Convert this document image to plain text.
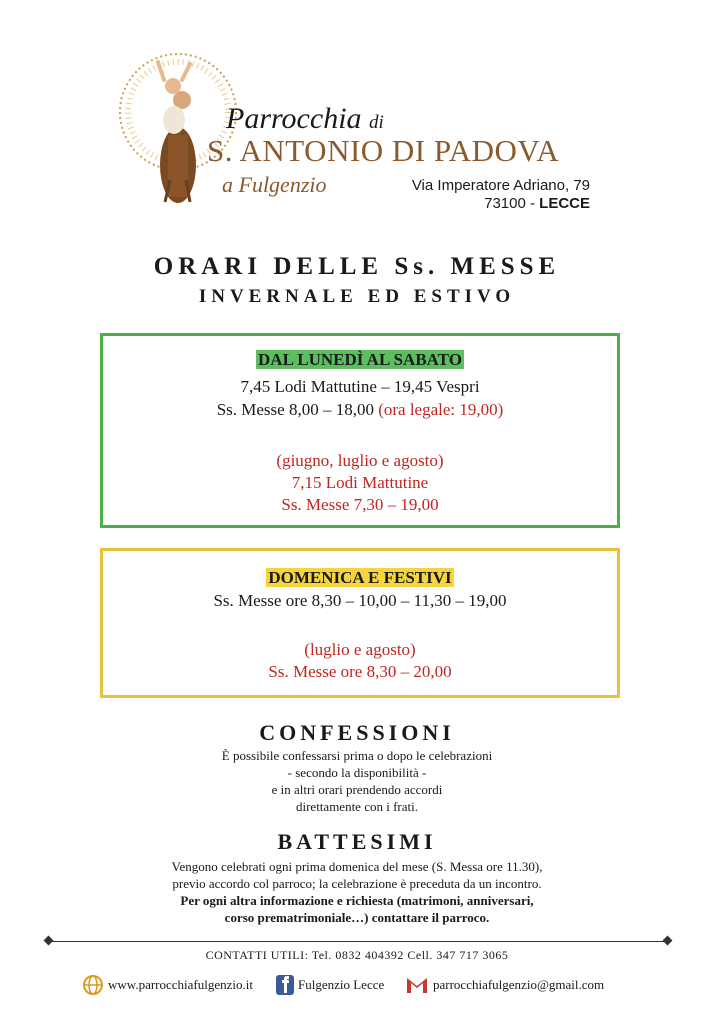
Parrocchia di
S. ANTONIO DI PADOVA
a Fulgenzio	Via Imperatore Adriano, 79
73100 - LECCE
ORARI DELLE Ss. MESSE
INVERNALE ED ESTIVO
DAL LUNEDÌ AL SABATO
7,45 Lodi Mattutine – 19,45 Vespri
Ss. Messe 8,00 – 18,00 (ora legale: 19,00)
(giugno, luglio e agosto)
7,15 Lodi Mattutine
Ss. Messe 7,30 – 19,00
DOMENICA E FESTIVI
Ss. Messe ore 8,30 – 10,00 – 11,30 – 19,00
(luglio e agosto)
Ss. Messe ore 8,30 – 20,00
CONFESSIONI
È possibile confessarsi prima o dopo le celebrazioni
- secondo la disponibilità -
e in altri orari prendendo accordi
direttamente con i frati.
BATTESIMI
Vengono celebrati ogni prima domenica del mese (S. Messa ore 11.30),
previo accordo col parroco; la celebrazione è preceduta da un incontro.
Per ogni altra informazione e richiesta (matrimoni, anniversari,
corso prematrimoniale…) contattare il parroco.
CONTATTI UTILI: Tel. 0832 404392 Cell. 347 717 3065
www.parrocchiafulgenzio.it	Fulgenzio Lecce	parrocchiafulgenzio@gmail.com
